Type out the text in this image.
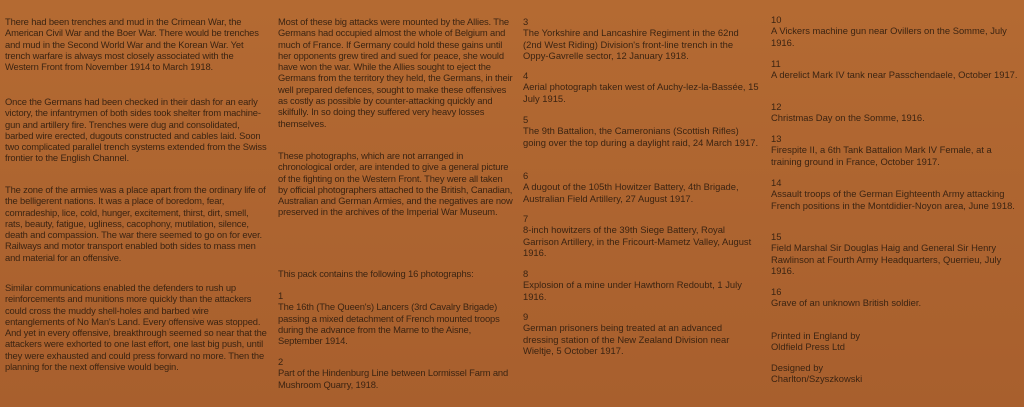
There had been trenches and mud in the Crimean War, the American Civil War and the Boer War. There would be trenches and mud in the Second World War and the Korean War. Yet trench warfare is always most closely associated with the Western Front from November 1914 to March 1918.

Once the Germans had been checked in their dash for an early victory, the infantrymen of both sides took shelter from machine-gun and artillery fire. Trenches were dug and consolidated, barbed wire erected, dugouts constructed and cables laid. Soon two complicated parallel trench systems extended from the Swiss frontier to the English Channel.

The zone of the armies was a place apart from the ordinary life of the belligerent nations. It was a place of boredom, fear, comradeship, lice, cold, hunger, excitement, thirst, dirt, smell, rats, beauty, fatigue, ugliness, cacophony, mutilation, silence, death and compassion. The war there seemed to go on for ever. Railways and motor transport enabled both sides to mass men and material for an offensive.

Similar communications enabled the defenders to rush up reinforcements and munitions more quickly than the attackers could cross the muddy shell-holes and barbed wire entanglements of No Man's Land. Every offensive was stopped. And yet in every offensive, breakthrough seemed so near that the attackers were exhorted to one last effort, one last big push, until they were exhausted and could press forward no more. Then the planning for the next offensive would begin.

Most of these big attacks were mounted by the Allies. The Germans had occupied almost the whole of Belgium and much of France. If Germany could hold these gains until her opponents grew tired and sued for peace, she would have won the war. While the Allies sought to eject the Germans from the territory they held, the Germans, in their well prepared defences, sought to make these offensives as costly as possible by counter-attacking quickly and skilfully. In so doing they suffered very heavy losses themselves.

These photographs, which are not arranged in chronological order, are intended to give a general picture of the fighting on the Western Front. They were all taken by official photographers attached to the British, Canadian, Australian and German Armies, and the negatives are now preserved in the archives of the Imperial War Museum.

This pack contains the following 16 photographs:

1

The 16th (The Queen's) Lancers (3rd Cavalry Brigade) passing a mixed detachment of French mounted troops during the advance from the Marne to the Aisne, September 1914.

2

Part of the Hindenburg Line between Lormissel Farm and Mushroom Quarry, 1918.

3

The Yorkshire and Lancashire Regiment in the 62nd (2nd West Riding) Division's front-line trench in the Oppy-Gavrelle sector, 12 January 1918.

4

Aerial photograph taken west of Auchy-lez-la-Bassée, 15 July 1915.

5

The 9th Battalion, the Cameronians (Scottish Rifles) going over the top during a daylight raid, 24 March 1917.

6

A dugout of the 105th Howitzer Battery, 4th Brigade, Australian Field Artillery, 27 August 1917.

7

8-inch howitzers of the 39th Siege Battery, Royal Garrison Artillery, in the Fricourt-Mametz Valley, August 1916.

8

Explosion of a mine under Hawthorn Redoubt, 1 July 1916.

9

German prisoners being treated at an advanced dressing station of the New Zealand Division near Wieltje, 5 October 1917.

10

A Vickers machine gun near Ovillers on the Somme, July 1916.

11

A derelict Mark IV tank near Passchendaele, October 1917.

12

Christmas Day on the Somme, 1916.

13

Firespite II, a 6th Tank Battalion Mark IV Female, at a training ground in France, October 1917.

14

Assault troops of the German Eighteenth Army attacking French positions in the Montdidier-Noyon area, June 1918.

15

Field Marshal Sir Douglas Haig and General Sir Henry Rawlinson at Fourth Army Headquarters, Querrieu, July 1916.

16

Grave of an unknown British soldier.

Printed in England by Oldfield Press Ltd

Designed by Charlton/Szyszkowski
